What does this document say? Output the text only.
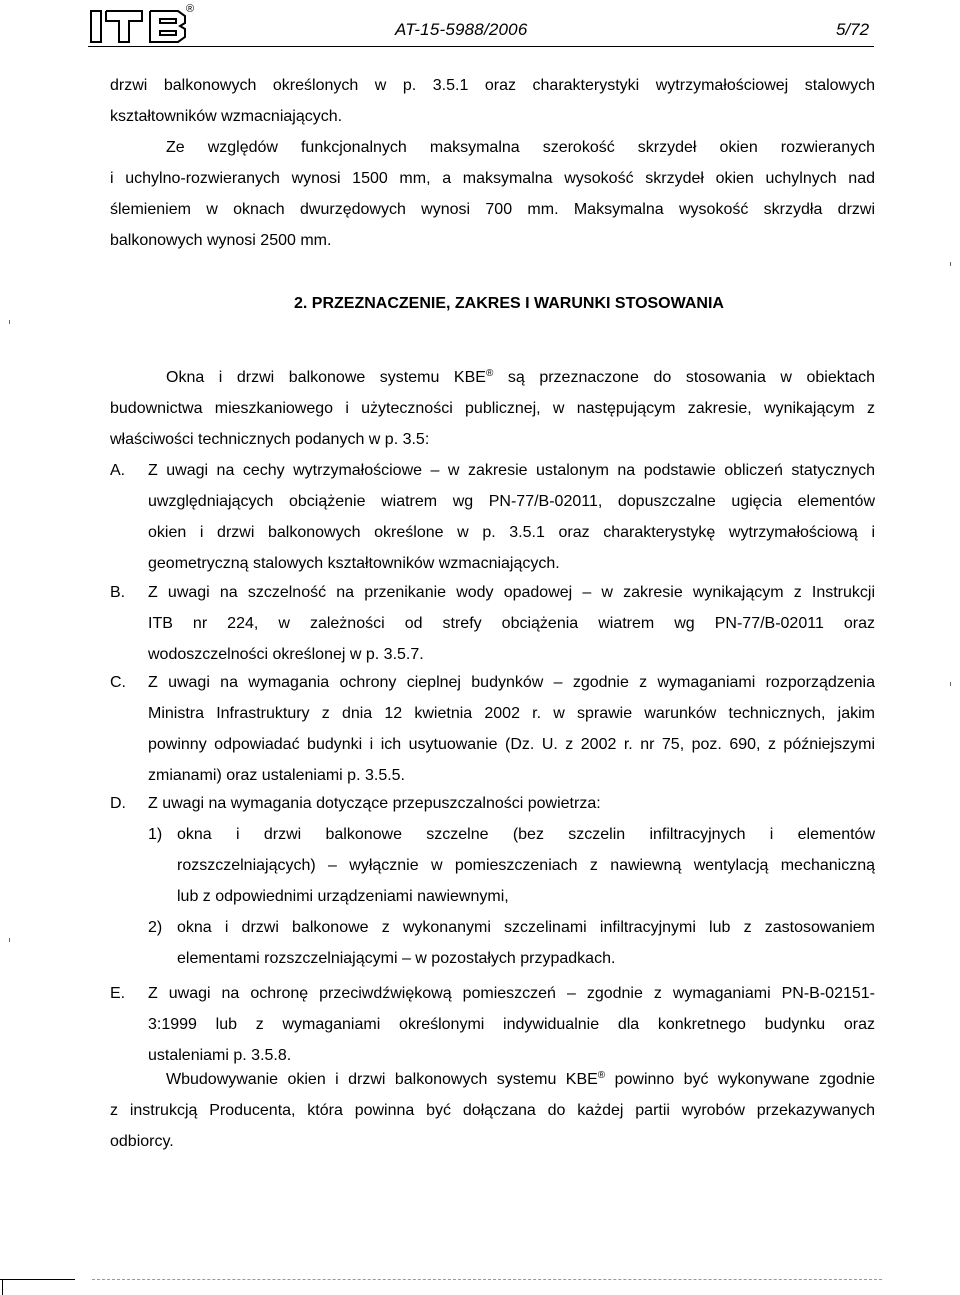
®
AT-15-5988/2006	5/72
drzwi balkonowych określonych w p. 3.5.1 oraz charakterystyki wytrzymałościowej stalowych
kształtowników wzmacniających.
Ze względów funkcjonalnych maksymalna szerokość skrzydeł okien rozwieranych
i uchylno-rozwieranych wynosi 1500 mm, a maksymalna wysokość skrzydeł okien uchylnych nad
ślemieniem w oknach dwurzędowych wynosi 700 mm. Maksymalna wysokość skrzydła drzwi
balkonowych wynosi 2500 mm.
2. PRZEZNACZENIE, ZAKRES I WARUNKI STOSOWANIA
Okna i drzwi balkonowe systemu KBE® są przeznaczone do stosowania w obiektach
budownictwa mieszkaniowego i użyteczności publicznej, w następującym zakresie, wynikającym z
właściwości technicznych podanych w p. 3.5:
A. Z uwagi na cechy wytrzymałościowe – w zakresie ustalonym na podstawie obliczeń statycznych
uwzględniających obciążenie wiatrem wg PN-77/B-02011, dopuszczalne ugięcia elementów
okien i drzwi balkonowych określone w p. 3.5.1 oraz charakterystykę wytrzymałościową i
geometryczną stalowych kształtowników wzmacniających.
B. Z uwagi na szczelność na przenikanie wody opadowej – w zakresie wynikającym z Instrukcji
ITB nr 224, w zależności od strefy obciążenia wiatrem wg PN-77/B-02011 oraz
wodoszczelności określonej w p. 3.5.7.
C. Z uwagi na wymagania ochrony cieplnej budynków – zgodnie z wymaganiami rozporządzenia
Ministra Infrastruktury z dnia 12 kwietnia 2002 r. w sprawie warunków technicznych, jakim
powinny odpowiadać budynki i ich usytuowanie (Dz. U. z 2002 r. nr 75, poz. 690, z późniejszymi
zmianami) oraz ustaleniami p. 3.5.5.
D. Z uwagi na wymagania dotyczące przepuszczalności powietrza:
1) okna i drzwi balkonowe szczelne (bez szczelin infiltracyjnych i elementów
rozszczelniających) – wyłącznie w pomieszczeniach z nawiewną wentylacją mechaniczną
lub z odpowiednimi urządzeniami nawiewnymi,
2) okna i drzwi balkonowe z wykonanymi szczelinami infiltracyjnymi lub z zastosowaniem
elementami rozszczelniającymi – w pozostałych przypadkach.
E. Z uwagi na ochronę przeciwdźwiękową pomieszczeń – zgodnie z wymaganiami PN-B-02151-
3:1999 lub z wymaganiami określonymi indywidualnie dla konkretnego budynku oraz
ustaleniami p. 3.5.8.
Wbudowywanie okien i drzwi balkonowych systemu KBE® powinno być wykonywane zgodnie
z instrukcją Producenta, która powinna być dołączana do każdej partii wyrobów przekazywanych
odbiorcy.
